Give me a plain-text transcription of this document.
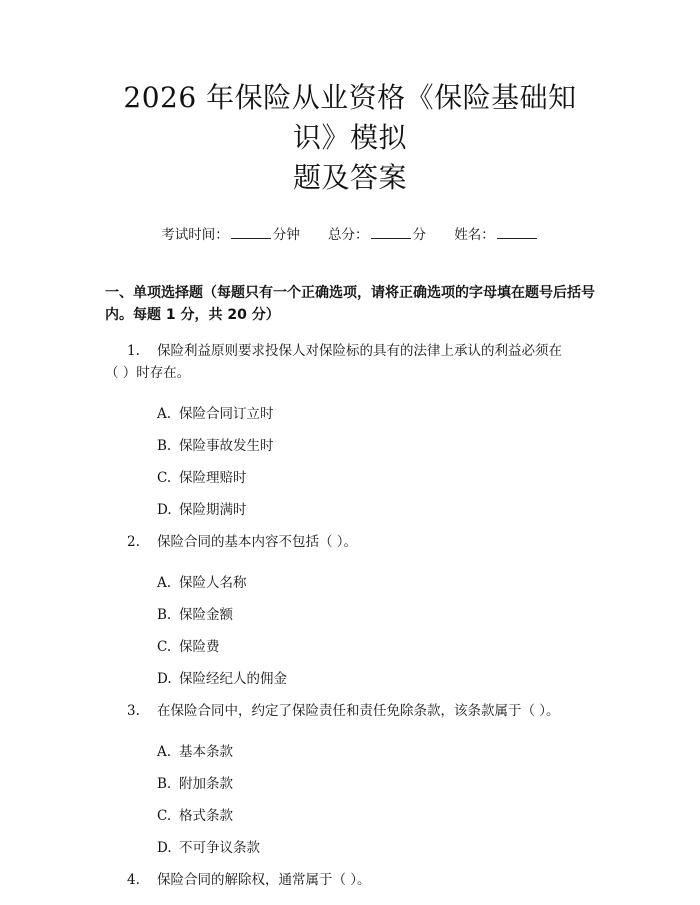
2026 年保险从业资格《保险基础知识》模拟
题及答案
考试时间：	分钟 总分：	分 姓名：
一、单项选择题（每题只有一个正确选项，请将正确选项的字母填在题号后括号
内。每题 1 分，共 20 分）
1. 保险利益原则要求投保人对保险标的具有的法律上承认的利益必须在
（ ）时存在。
A. 保险合同订立时
B. 保险事故发生时
C. 保险理赔时
D. 保险期满时
2. 保险合同的基本内容不包括（ ）。
A. 保险人名称
B. 保险金额
C. 保险费
D. 保险经纪人的佣金
3. 在保险合同中，约定了保险责任和责任免除条款，该条款属于（ ）。
A. 基本条款
B. 附加条款
C. 格式条款
D. 不可争议条款
4. 保险合同的解除权，通常属于（ ）。
